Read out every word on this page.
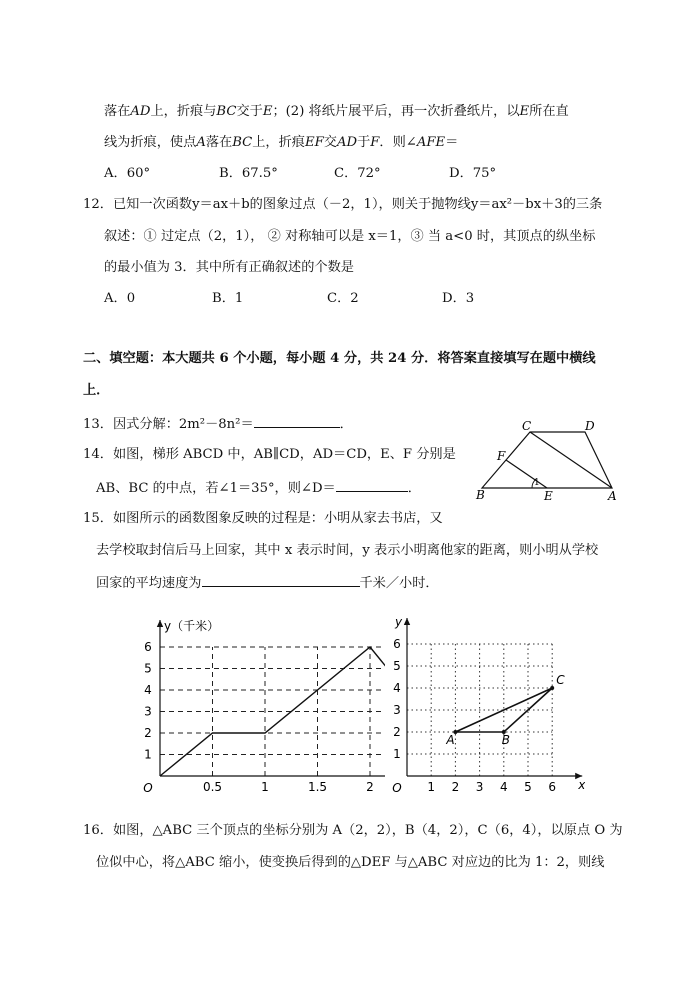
落在AD上，折痕与BC交于E；(2) 将纸片展平后，再一次折叠纸片，以E所在直
线为折痕，使点A落在BC上，折痕EF交AD于F．则∠AFE＝
A．60°	B．67.5°	C．72°	D．75°
12．已知一次函数y＝ax＋b的图象过点（－2，1），则关于抛物线y＝ax²－bx＋3的三条
叙述：① 过定点（2，1）， ② 对称轴可以是 x＝1，③ 当 a<0 时，其顶点的纵坐标
的最小值为 3．其中所有正确叙述的个数是
A．0	B．1	C．2	D．3
二、填空题：本大题共 6 个小题，每小题 4 分，共 24 分．将答案直接填写在题中横线
上．
13．因式分解：2m²－8n²＝	．
14．如图，梯形 ABCD 中，AB∥CD，AD＝CD，E、F 分别是
AB、BC 的中点，若∠1＝35°，则∠D＝	．
C	D
F
1
B	E	A
15．如图所示的函数图象反映的过程是：小明从家去书店，又
去学校取封信后马上回家，其中 x 表示时间，y 表示小明离他家的距离，则小明从学校
回家的平均速度为	千米／小时．
0.5	1	1.5	2
1
2
3
4
5
6
O
y（千米）
1 2 3 4 5 6
1
2
3
4
5
6
O	x
y
A	B
C
16．如图，△ABC 三个顶点的坐标分别为 A（2，2），B（4，2），C（6，4），以原点 O 为
位似中心，将△ABC 缩小，使变换后得到的△DEF 与△ABC 对应边的比为 1：2，则线
